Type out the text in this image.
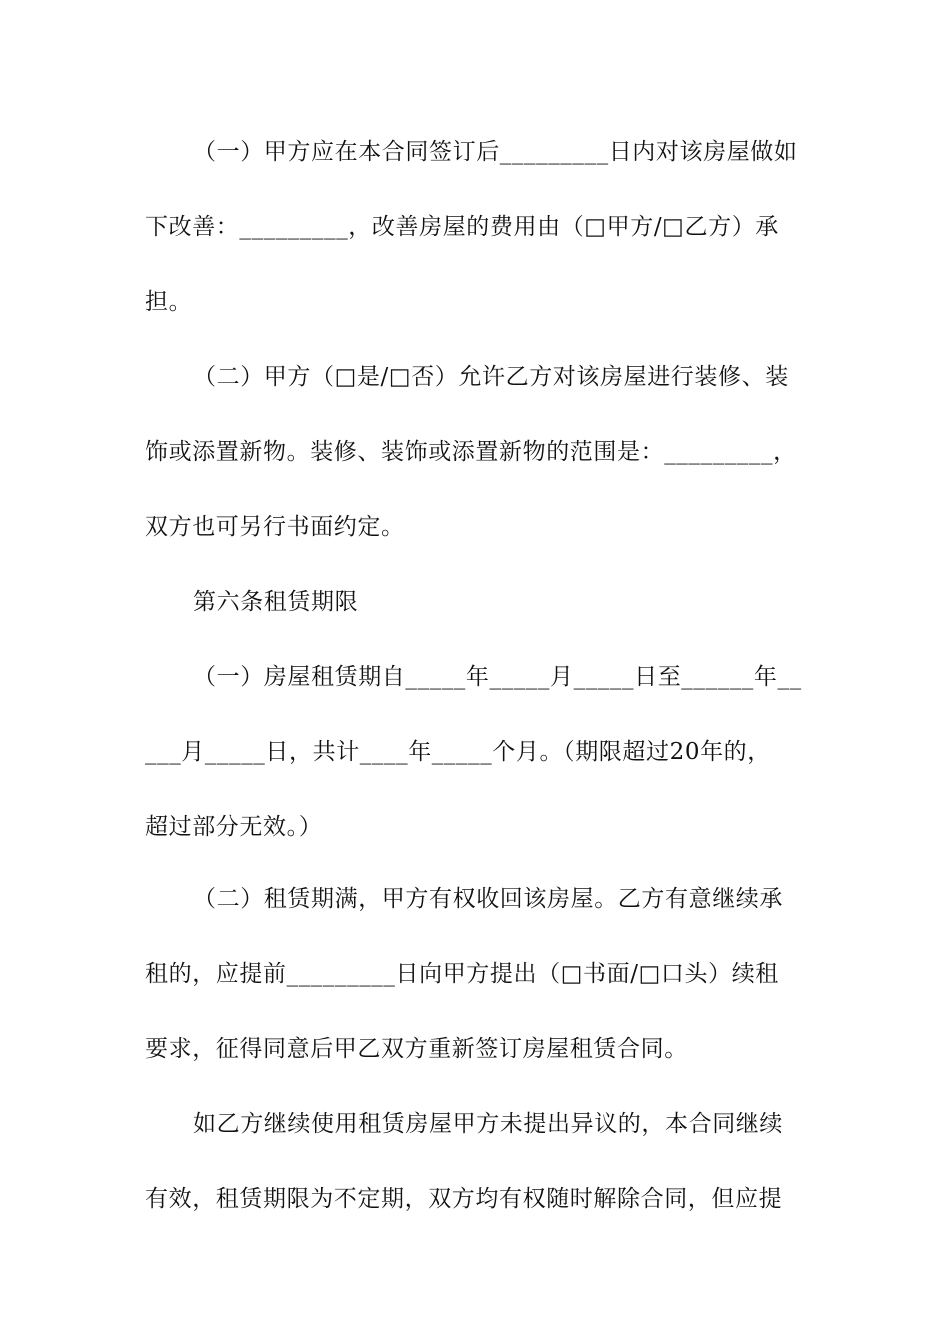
（一）甲方应在本合同签订后_________日内对该房屋做如
下改善：_________，改善房屋的费用由（□甲方/□乙方）承
担。
（二）甲方（□是/□否）允许乙方对该房屋进行装修、装
饰或添置新物。装修、装饰或添置新物的范围是：_________，
双方也可另行书面约定。
第六条租赁期限
（一）房屋租赁期自_____年_____月_____日至______年__
___月_____日，共计____年_____个月。（期限超过20年的，
超过部分无效。）
（二）租赁期满，甲方有权收回该房屋。乙方有意继续承
租的，应提前_________日向甲方提出（□书面/□口头）续租
要求，征得同意后甲乙双方重新签订房屋租赁合同。
如乙方继续使用租赁房屋甲方未提出异议的，本合同继续
有效，租赁期限为不定期，双方均有权随时解除合同，但应提
